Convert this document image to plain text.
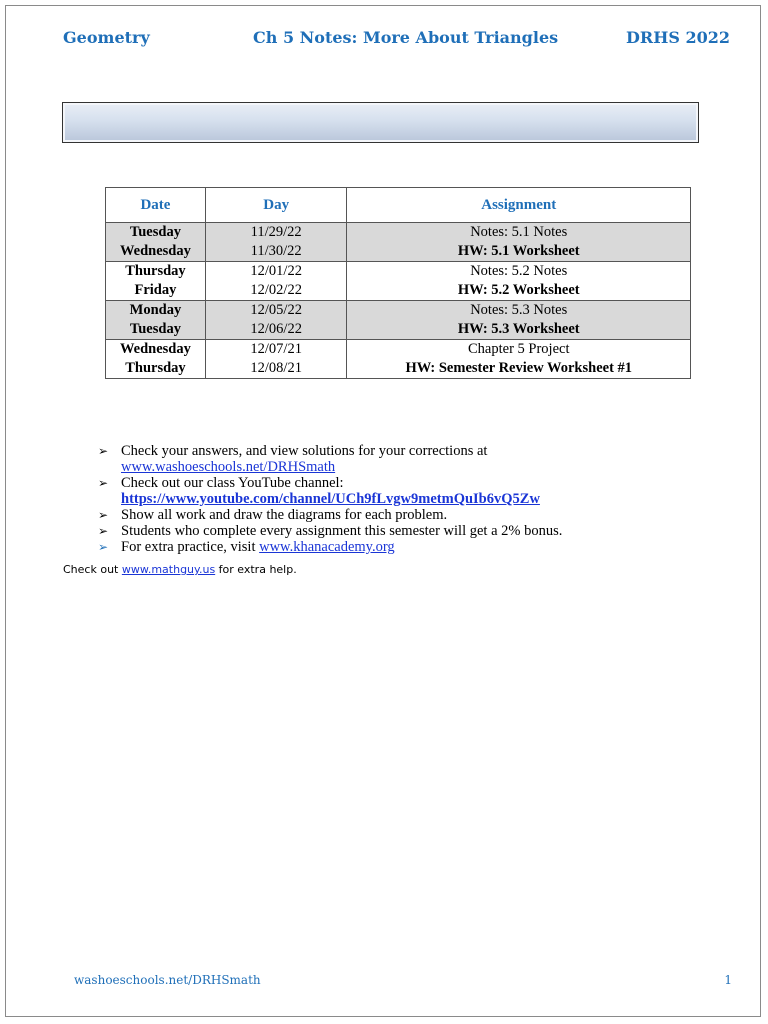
Geometry	Ch 5 Notes: More About Triangles	DRHS 2022
Date	Day	Assignment
Tuesday	11/29/22	Notes: 5.1 Notes
Wednesday	11/30/22	HW: 5.1 Worksheet
Thursday	12/01/22	Notes: 5.2 Notes
Friday	12/02/22	HW: 5.2 Worksheet
Monday	12/05/22	Notes: 5.3 Notes
Tuesday	12/06/22	HW: 5.3 Worksheet
Wednesday	12/07/21	Chapter 5 Project
Thursday	12/08/21	HW: Semester Review Worksheet #1
➢ Check your answers, and view solutions for your corrections at
www.washoeschools.net/DRHSmath
➢ Check out our class YouTube channel:
https://www.youtube.com/channel/UCh9fLvgw9metmQuIb6vQ5Zw
➢ Show all work and draw the diagrams for each problem.
➢ Students who complete every assignment this semester will get a 2% bonus.
➢ For extra practice, visit www.khanacademy.org
Check out www.mathguy.us for extra help.
washoeschools.net/DRHSmath	1
